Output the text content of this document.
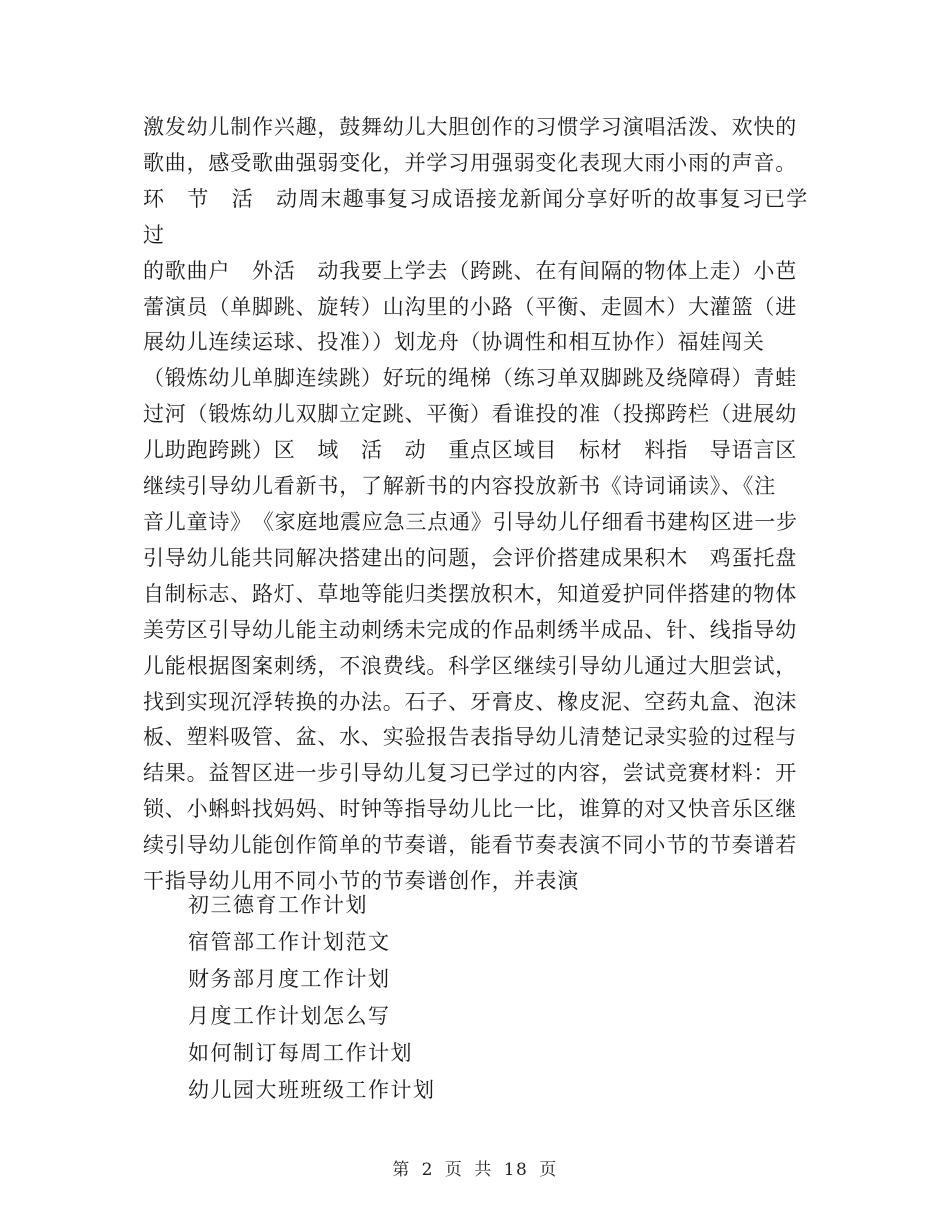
激发幼儿制作兴趣，鼓舞幼儿大胆创作的习惯学习演唱活泼、欢快的
歌曲，感受歌曲强弱变化，并学习用强弱变化表现大雨小雨的声音。
环　节　活　动周末趣事复习成语接龙新闻分享好听的故事复习已学过
的歌曲户　外活　动我要上学去（跨跳、在有间隔的物体上走）小芭
蕾演员（单脚跳、旋转）山沟里的小路（平衡、走圆木）大灌篮（进
展幼儿连续运球、投准））划龙舟（协调性和相互协作）福娃闯关
（锻炼幼儿单脚连续跳）好玩的绳梯（练习单双脚跳及绕障碍）青蛙
过河（锻炼幼儿双脚立定跳、平衡）看谁投的准（投掷跨栏（进展幼
儿助跑跨跳）区　域　活　动　重点区域目　标材　料指　导语言区
继续引导幼儿看新书，了解新书的内容投放新书《诗词诵读》、《注
音儿童诗》　《家庭地震应急三点通》引导幼儿仔细看书建构区进一步
引导幼儿能共同解决搭建出的问题，会评价搭建成果积木　鸡蛋托盘
自制标志、路灯、草地等能归类摆放积木，知道爱护同伴搭建的物体
美劳区引导幼儿能主动刺绣未完成的作品刺绣半成品、针、线指导幼
儿能根据图案刺绣，不浪费线。科学区继续引导幼儿通过大胆尝试，
找到实现沉浮转换的办法。石子、牙膏皮、橡皮泥、空药丸盒、泡沫
板、塑料吸管、盆、水、实验报告表指导幼儿清楚记录实验的过程与
结果。益智区进一步引导幼儿复习已学过的内容，尝试竞赛材料：开
锁、小蝌蚪找妈妈、时钟等指导幼儿比一比，谁算的对又快音乐区继
续引导幼儿能创作简单的节奏谱，能看节奏表演不同小节的节奏谱若
干指导幼儿用不同小节的节奏谱创作，并表演
初三德育工作计划
宿管部工作计划范文
财务部月度工作计划
月度工作计划怎么写
如何制订每周工作计划
幼儿园大班班级工作计划
第 2 页 共 18 页
